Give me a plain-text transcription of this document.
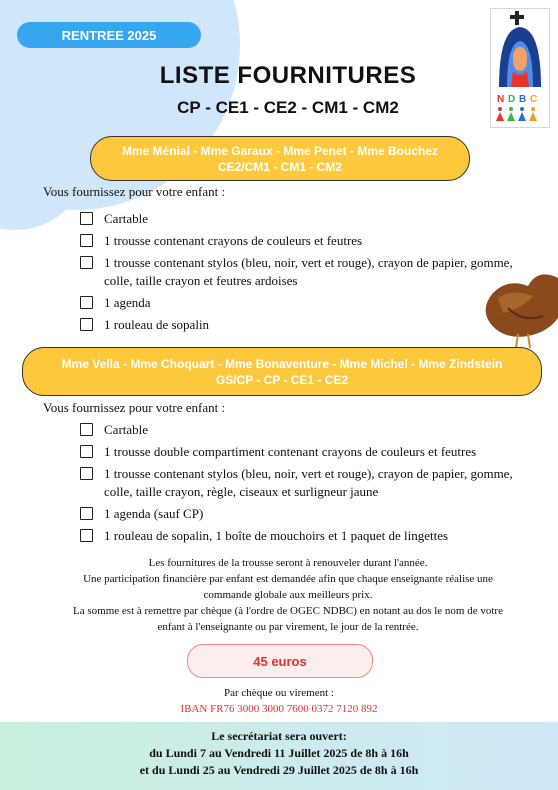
RENTREE 2025
N D B C
LISTE FOURNITURES
CP - CE1 - CE2 - CM1 - CM2
Mme Ménial - Mme Garaux - Mme Penet - Mme Bouchez
CE2/CM1 - CM1 - CM2
Vous fournissez pour votre enfant :
Cartable
1 trousse contenant crayons de couleurs et feutres
1 trousse contenant stylos (bleu, noir, vert et rouge), crayon de papier, gomme, colle, taille crayon et feutres ardoises
1 agenda
1 rouleau de sopalin
Mme Vella - Mme Choquart - Mme Bonaventure - Mme Michel - Mme Zindstein
GS/CP - CP - CE1 - CE2
Vous fournissez pour votre enfant :
Cartable
1 trousse double compartiment contenant crayons de couleurs et feutres
1 trousse contenant stylos (bleu, noir, vert et rouge), crayon de papier, gomme, colle, taille crayon, règle, ciseaux et surligneur jaune
1 agenda (sauf CP)
1 rouleau de sopalin, 1 boîte de mouchoirs et 1 paquet de lingettes
Les fournitures de la trousse seront à renouveler durant l'année.
Une participation financière par enfant est demandée afin que chaque enseignante réalise une
commande globale aux meilleurs prix.
La somme est à remettre par chèque (à l'ordre de OGEC NDBC) en notant au dos le nom de votre
enfant à l'enseignante ou par virement, le jour de la rentrée.
45 euros
Par chèque ou virement :
IBAN FR76 3000 3000 7600 0372 7120 892
Le secrétariat sera ouvert:
du Lundi 7 au Vendredi 11 Juillet 2025 de 8h à 16h
et du Lundi 25 au Vendredi 29 Juillet 2025 de 8h à 16h
